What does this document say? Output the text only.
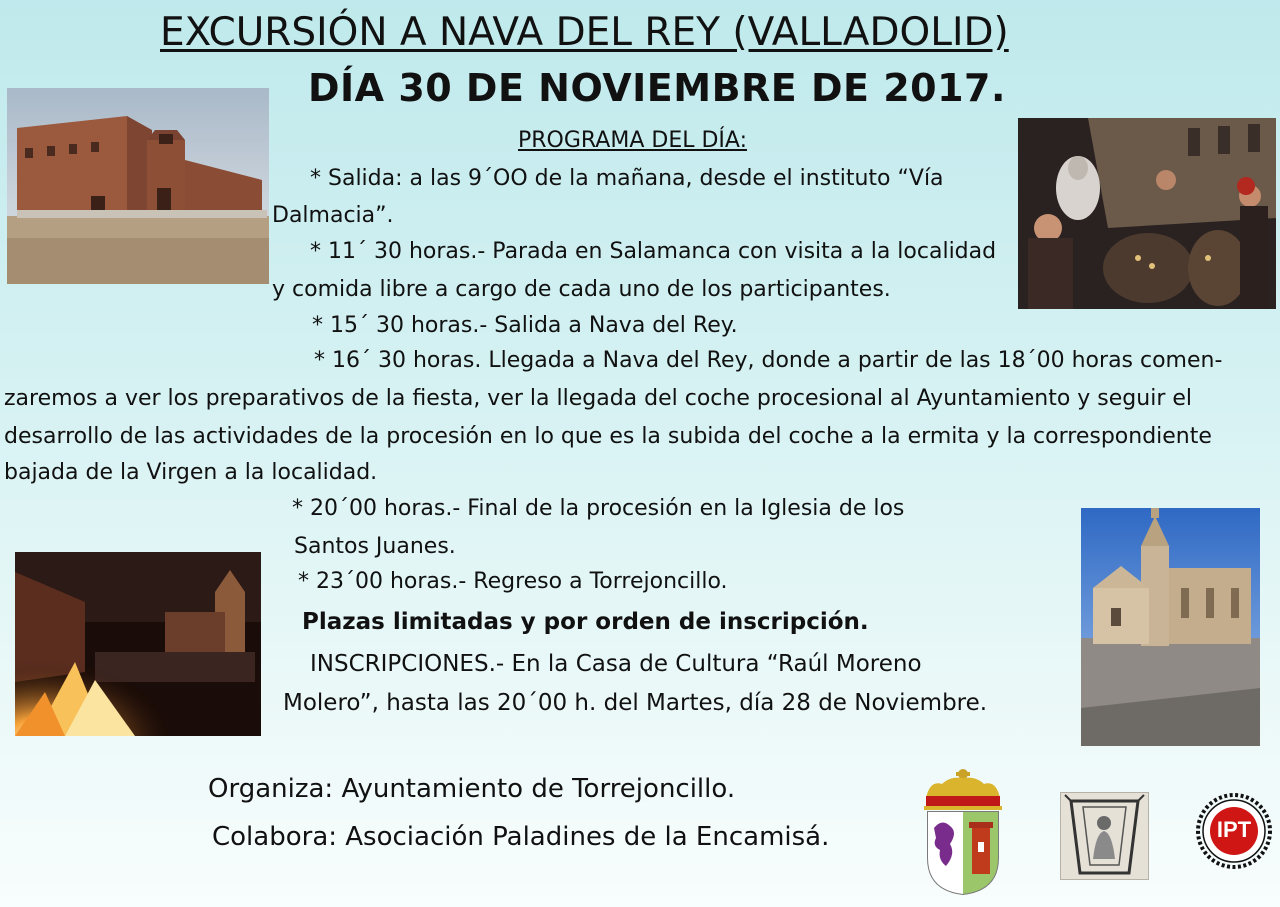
EXCURSIÓN A NAVA DEL REY (VALLADOLID)
DÍA 30 DE NOVIEMBRE DE 2017.
PROGRAMA DEL DÍA:
* Salida: a las 9´OO de la mañana, desde el instituto “Vía
Dalmacia”.
* 11´ 30 horas.- Parada en Salamanca con visita a la localidad
y comida libre a cargo de cada uno de los participantes.
* 15´ 30 horas.- Salida a Nava del Rey.
* 16´ 30 horas. Llegada a Nava del Rey, donde a partir de las 18´00 horas comen-
zaremos a ver los preparativos de la fiesta, ver la llegada del coche procesional al Ayuntamiento y seguir el
desarrollo de las actividades de la procesión en lo que es la subida del coche a la ermita y la correspondiente
bajada de la Virgen a la localidad.
* 20´00 horas.- Final de la procesión en la Iglesia de los
Santos Juanes.
* 23´00 horas.- Regreso a Torrejoncillo.
Plazas limitadas y por orden de inscripción.
INSCRIPCIONES.- En la Casa de Cultura “Raúl Moreno
Molero”, hasta las 20´00 h. del Martes, día 28 de Noviembre.
Organiza: Ayuntamiento de Torrejoncillo.
Colabora: Asociación Paladines de la Encamisá.	IPT
